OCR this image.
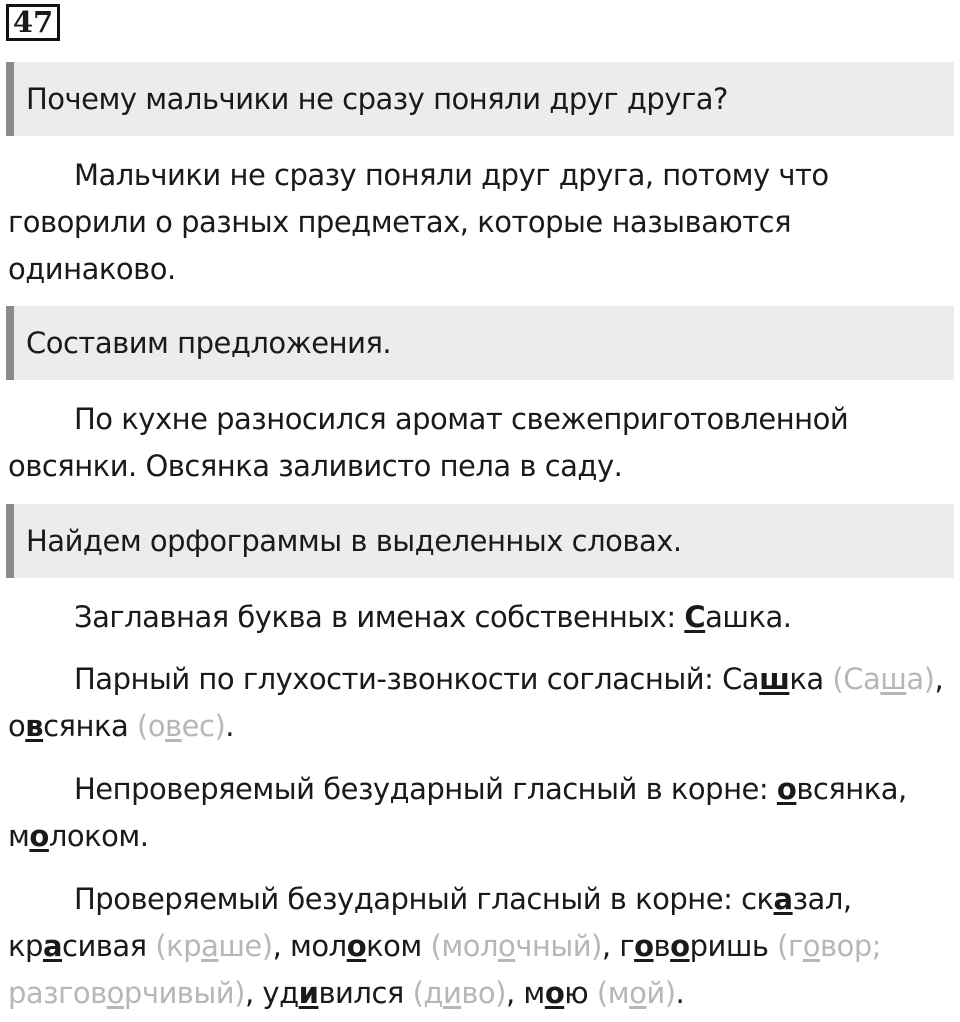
47
Почему мальчики не сразу поняли друг друга?

Мальчики не сразу поняли друг друга, потому что говорили о разных предметах, которые называются одинаково.

Составим предложения.

По кухне разносился аромат свежеприготовленной овсянки. Овсянка заливисто пела в саду.

Найдем орфограммы в выделенных словах.

Заглавная буква в именах собственных: Сашка.

Парный по глухости-звонкости согласный: Сашка (Саша), овсянка (овес).

Непроверяемый безударный гласный в корне: овсянка, молоком.

Проверяемый безударный гласный в корне: сказал, красивая (краше), молоком (молочный), говоришь (говор; разговорчивый), удивился (диво), мою (мой).
